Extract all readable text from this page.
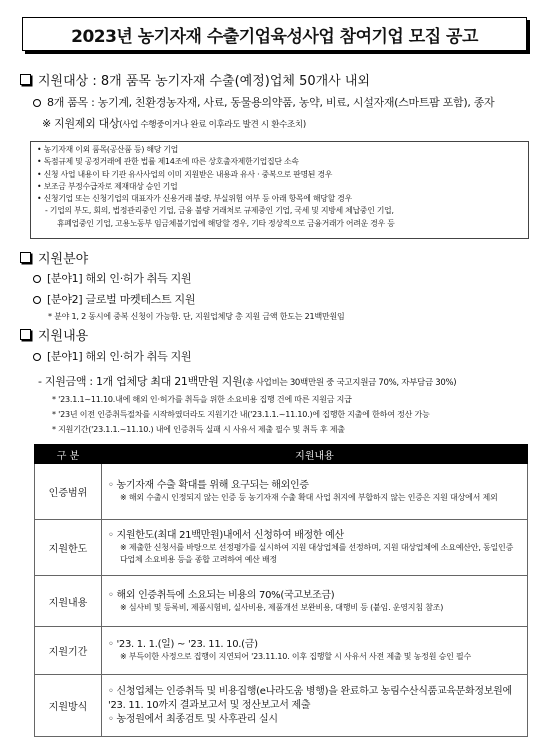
2023년 농기자재 수출기업육성사업 참여기업 모집 공고
지원대상 : 8개 품목 농기자재 수출(예정)업체 50개사 내외
8개 품목 : 농기계, 친환경농자재, 사료, 동물용의약품, 농약, 비료, 시설자재(스마트팜 포함), 종자
※ 지원제외 대상(사업 수행중이거나 완료 이후라도 발견 시 환수조치)
• 농기자재 이외 품목(공산품 등) 해당 기업
• 독점규제 및 공정거래에 관한 법률 제14조에 따른 상호출자제한기업집단 소속
• 신청 사업 내용이 타 기관 유사사업의 이미 지원받은 내용과 유사 · 중복으로 판명된 경우
• 보조금 부정수급자로 제재대상 승인 기업
• 신청기업 또는 신청기업의 대표자가 신용거래 불량, 부실위험 여부 등 아래 항목에 해당할 경우
- 기업의 부도, 회의, 법정관리중인 기업, 금융 불량 거래처로 규제중인 기업, 국세 및 지방세 체납중인 기업,
휴폐업중인 기업, 고용노동부 임금체불기업에 해당할 경우, 기타 정상적으로 금융거래가 어려운 경우 등
지원분야
[분야1] 해외 인·허가 취득 지원
[분야2] 글로벌 마켓테스트 지원
* 분야 1, 2 동시에 중복 신청이 가능함. 단, 지원업체당 총 지원 금액 한도는 21백만원임
지원내용
[분야1] 해외 인·허가 취득 지원
- 지원금액 : 1개 업체당 최대 21백만원 지원(총 사업비는 30백만원 중 국고지원금 70%, 자부담금 30%)
* '23.1.1~11.10.내에 해외 인·허가를 취득을 위한 소요비용 집행 건에 따른 지원금 지급
* '23년 이전 인증취득절차를 시작하였더라도 지원기간 내('23.1.1.~11.10.)에 집행한 지출에 한하여 정산 가능
* 지원기간('23.1.1.~11.10.) 내에 인증취득 실패 시 사유서 제출 필수 및 취득 후 제출
구 분	지원내용
인증범위	◦ 농기자재 수출 확대를 위해 요구되는 해외인증
※ 해외 수출시 인정되지 않는 인증 등 농기자재 수출 확대 사업 취지에 부합하지 않는 인증은 지원 대상에서 제외

지원한도	◦ 지원한도(최대 21백만원)내에서 신청하여 배정한 예산
※ 제출한 신청서를 바탕으로 선정평가를 실시하여 지원 대상업체를 선정하며, 지원 대상업체에 소요예산안, 동일인증 다업체 소요비용 등을 종합 고려하여 예산 배정

지원내용	◦ 해외 인증취득에 소요되는 비용의 70%(국고보조금)
※ 심사비 및 등록비, 제품시험비, 실사비용, 제품개선 보완비용, 대행비 등 (붙임. 운영지침 참조)

지원기간	◦ '23. 1. 1.(일) ~ '23. 11. 10.(금)
※ 부득이한 사정으로 집행이 지연되어 '23.11.10. 이후 집행할 시 사유서 사전 제출 및 농정원 승인 필수

지원방식	◦ 신청업체는 인증취득 및 비용집행(e나라도움 병행)을 완료하고 농림수산식품교육문화정보원에 '23. 11. 10까지 결과보고서 및 정산보고서 제출
◦ 농정원에서 최종검토 및 사후관리 실시
